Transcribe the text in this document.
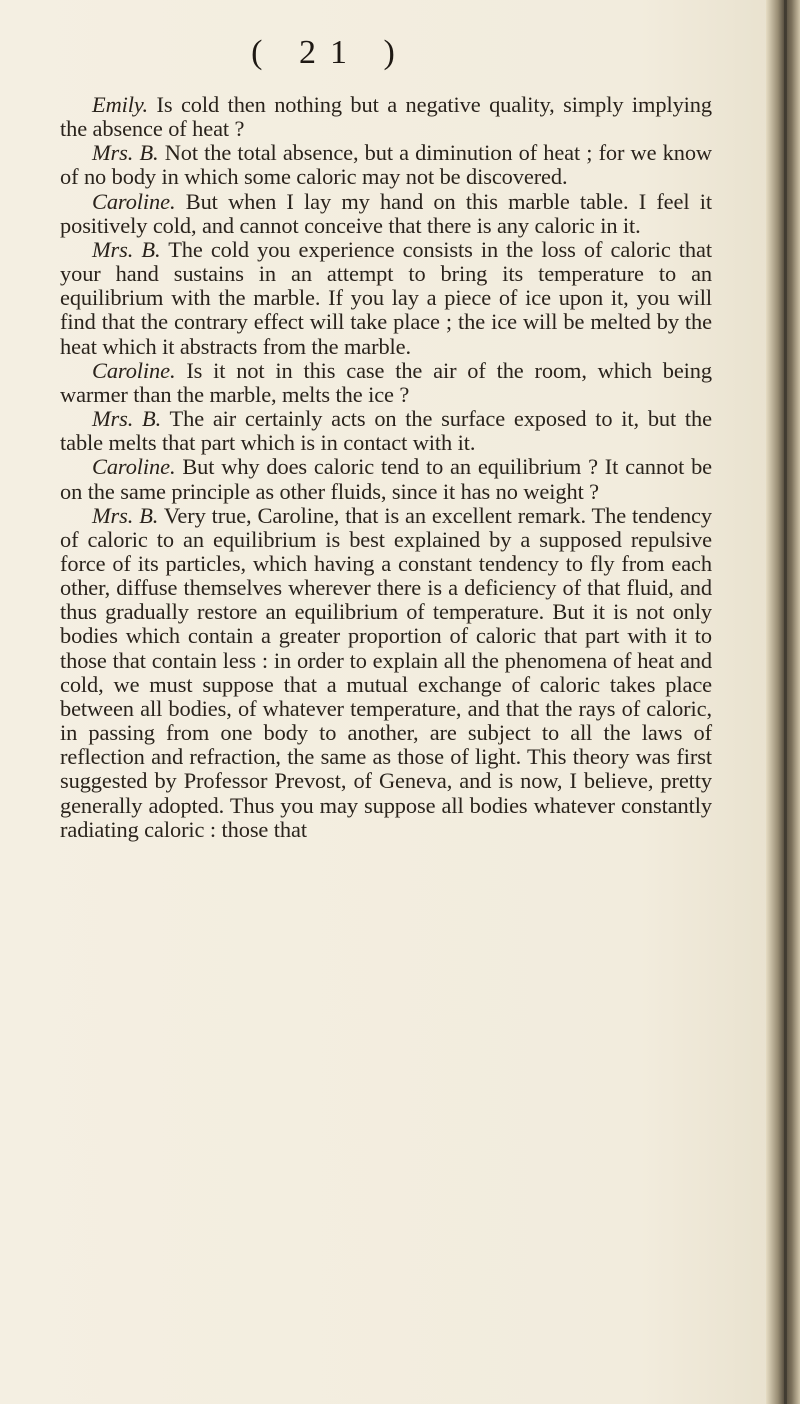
( 21 )

Emily. Is cold then nothing but a negative quality, simply implying the absence of heat ?

Mrs. B. Not the total absence, but a diminution of heat ; for we know of no body in which some caloric may not be discovered.

Caroline. But when I lay my hand on this marble table. I feel it positively cold, and cannot conceive that there is any caloric in it.

Mrs. B. The cold you experience consists in the loss of caloric that your hand sustains in an attempt to bring its temperature to an equilibrium with the marble. If you lay a piece of ice upon it, you will find that the contrary effect will take place ; the ice will be melted by the heat which it abstracts from the marble.

Caroline. Is it not in this case the air of the room, which being warmer than the marble, melts the ice ?

Mrs. B. The air certainly acts on the surface exposed to it, but the table melts that part which is in contact with it.

Caroline. But why does caloric tend to an equilibrium ? It cannot be on the same principle as other fluids, since it has no weight ?

Mrs. B. Very true, Caroline, that is an excellent remark. The tendency of caloric to an equilibrium is best explained by a supposed repulsive force of its particles, which having a constant tendency to fly from each other, diffuse themselves wherever there is a deficiency of that fluid, and thus gradually restore an equilibrium of temperature. But it is not only bodies which contain a greater proportion of caloric that part with it to those that contain less : in order to explain all the phenomena of heat and cold, we must suppose that a mutual exchange of caloric takes place between all bodies, of whatever temperature, and that the rays of caloric, in passing from one body to another, are subject to all the laws of reflection and refraction, the same as those of light. This theory was first suggested by Professor Prevost, of Geneva, and is now, I believe, pretty generally adopted. Thus you may suppose all bodies whatever constantly radiating caloric : those that
